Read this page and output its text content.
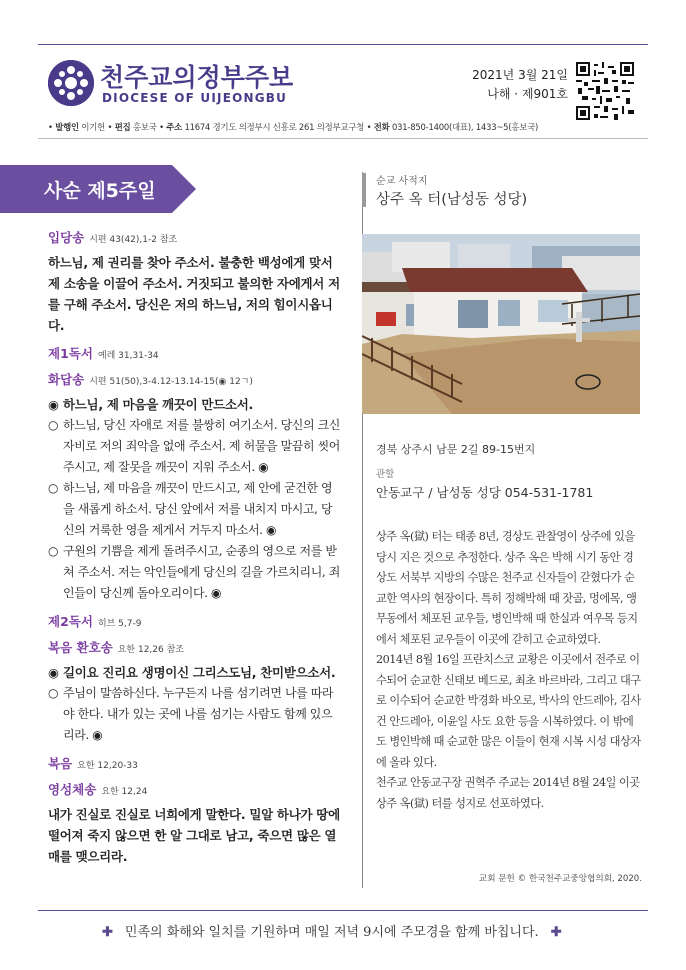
천주교의정부주보
DIOCESE OF UIJEONGBU
2021년 3월 21일
나해 · 제901호
• 발행인 이기헌 • 편집 홍보국 • 주소 11674 경기도 의정부시 신흥로 261 의정부교구청 • 전화 031-850-1400(대표), 1433~5(홍보국)
사순 제5주일
입당송 시편 43(42),1-2 참조
하느님, 제 권리를 찾아 주소서. 불충한 백성에게 맞서 제 소송을 이끌어 주소서. 거짓되고 불의한 자에게서 저를 구해 주소서. 당신은 저의 하느님, 저의 힘이시옵니다.
제1독서 예레 31,31-34
화답송 시편 51(50),3-4.12-13.14-15(◉ 12ㄱ)
◉ 하느님, 제 마음을 깨끗이 만드소서.
○ 하느님, 당신 자애로 저를 불쌍히 여기소서. 당신의 크신 자비로 저의 죄악을 없애 주소서. 제 허물을 말끔히 씻어 주시고, 제 잘못을 깨끗이 지워 주소서. ◉
○ 하느님, 제 마음을 깨끗이 만드시고, 제 안에 굳건한 영을 새롭게 하소서. 당신 앞에서 저를 내치지 마시고, 당신의 거룩한 영을 제게서 거두지 마소서. ◉
○ 구원의 기쁨을 제게 돌려주시고, 순종의 영으로 저를 받쳐 주소서. 저는 악인들에게 당신의 길을 가르치리니, 죄인들이 당신께 돌아오리이다. ◉
제2독서 히브 5,7-9
복음 환호송 요한 12,26 참조
◉ 길이요 진리요 생명이신 그리스도님, 찬미받으소서.
○ 주님이 말씀하신다. 누구든지 나를 섬기려면 나를 따라야 한다. 내가 있는 곳에 나를 섬기는 사람도 함께 있으리라. ◉
복음 요한 12,20-33
영성체송 요한 12,24
내가 진실로 진실로 너희에게 말한다. 밀알 하나가 땅에 떨어져 죽지 않으면 한 알 그대로 남고, 죽으면 많은 열매를 맺으리라.
순교 사적지
상주 옥 터(남성동 성당)
경북 상주시 남문 2길 89-15번지
관할
안동교구 / 남성동 성당 054-531-1781

상주 옥(獄) 터는 태종 8년, 경상도 관찰영이 상주에 있을 당시 지은 것으로 추정한다. 상주 옥은 박해 시기 동안 경상도 서북부 지방의 수많은 천주교 신자들이 갇혔다가 순교한 역사의 현장이다. 특히 정해박해 때 잣골, 멍에목, 앵무동에서 체포된 교우들, 병인박해 때 한실과 여우목 등지에서 체포된 교우들이 이곳에 갇히고 순교하였다.

2014년 8월 16일 프란치스코 교황은 이곳에서 전주로 이수되어 순교한 신태보 베드로, 최초 바르바라, 그리고 대구로 이수되어 순교한 박경화 바오로, 박사의 안드레아, 김사건 안드레아, 이윤일 사도 요한 등을 시복하였다. 이 밖에도 병인박해 때 순교한 많은 이들이 현재 시복 시성 대상자에 올라 있다.

천주교 안동교구장 권혁주 주교는 2014년 8월 24일 이곳 상주 옥(獄) 터를 성지로 선포하였다.

교회 문헌 © 한국천주교중앙협의회, 2020.
✚ 민족의 화해와 일치를 기원하며 매일 저녁 9시에 주모경을 함께 바칩니다. ✚
